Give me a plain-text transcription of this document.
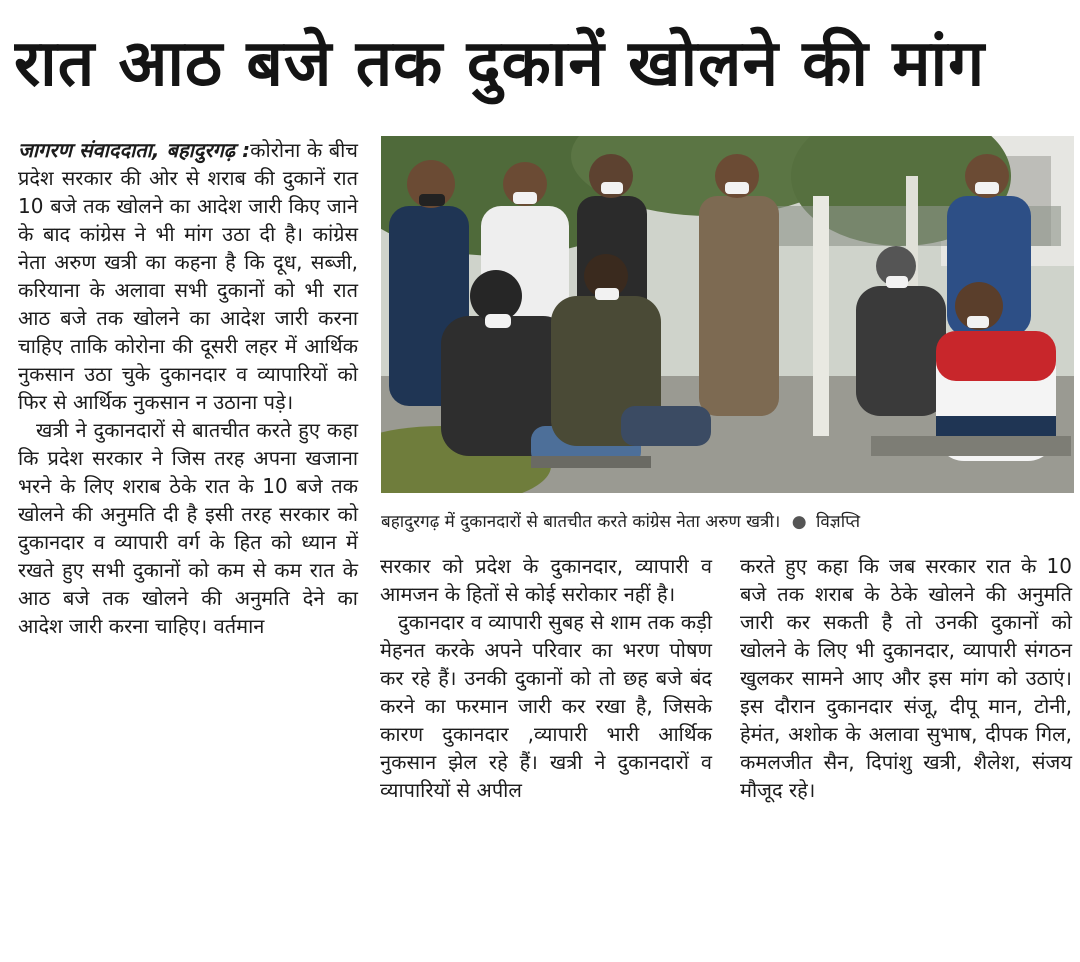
रात आठ बजे तक दुकानें खोलने की मांग

जागरण संवाददाता, बहादुरगढ़ :कोरोना के बीच प्रदेश सरकार की ओर से शराब की दुकानें रात 10 बजे तक खोलने का आदेश जारी किए जाने के बाद कांग्रेस ने भी मांग उठा दी है। कांग्रेस नेता अरुण खत्री का कहना है कि दूध, सब्जी, करियाना के अलावा सभी दुकानों को भी रात आठ बजे तक खोलने का आदेश जारी करना चाहिए ताकि कोरोना की दूसरी लहर में आर्थिक नुकसान उठा चुके दुकानदार व व्यापारियों को फिर से आर्थिक नुकसान न उठाना पड़े।

खत्री ने दुकानदारों से बातचीत करते हुए कहा कि प्रदेश सरकार ने जिस तरह अपना खजाना भरने के लिए शराब ठेके रात के 10 बजे तक खोलने की अनुमति दी है इसी तरह सरकार को दुकानदार व व्यापारी वर्ग के हित को ध्यान में रखते हुए सभी दुकानों को कम से कम रात के आठ बजे तक खोलने की अनुमति देने का आदेश जारी करना चाहिए। वर्तमान

बहादुरगढ़ में दुकानदारों से बातचीत करते कांग्रेस नेता अरुण खत्री। ● विज्ञप्ति

सरकार को प्रदेश के दुकानदार, व्यापारी व आमजन के हितों से कोई सरोकार नहीं है।

दुकानदार व व्यापारी सुबह से शाम तक कड़ी मेहनत करके अपने परिवार का भरण पोषण कर रहे हैं। उनकी दुकानों को तो छह बजे बंद करने का फरमान जारी कर रखा है, जिसके कारण दुकानदार ,व्यापारी भारी आर्थिक नुकसान झेल रहे हैं। खत्री ने दुकानदारों व व्यापारियों से अपील

करते हुए कहा कि जब सरकार रात के 10 बजे तक शराब के ठेके खोलने की अनुमति जारी कर सकती है तो उनकी दुकानों को खोलने के लिए भी दुकानदार, व्यापारी संगठन खुलकर सामने आए और इस मांग को उठाएं। इस दौरान दुकानदार संजू, दीपू मान, टोनी, हेमंत, अशोक के अलावा सुभाष, दीपक गिल, कमलजीत सैन, दिपांशु खत्री, शैलेश, संजय मौजूद रहे।
